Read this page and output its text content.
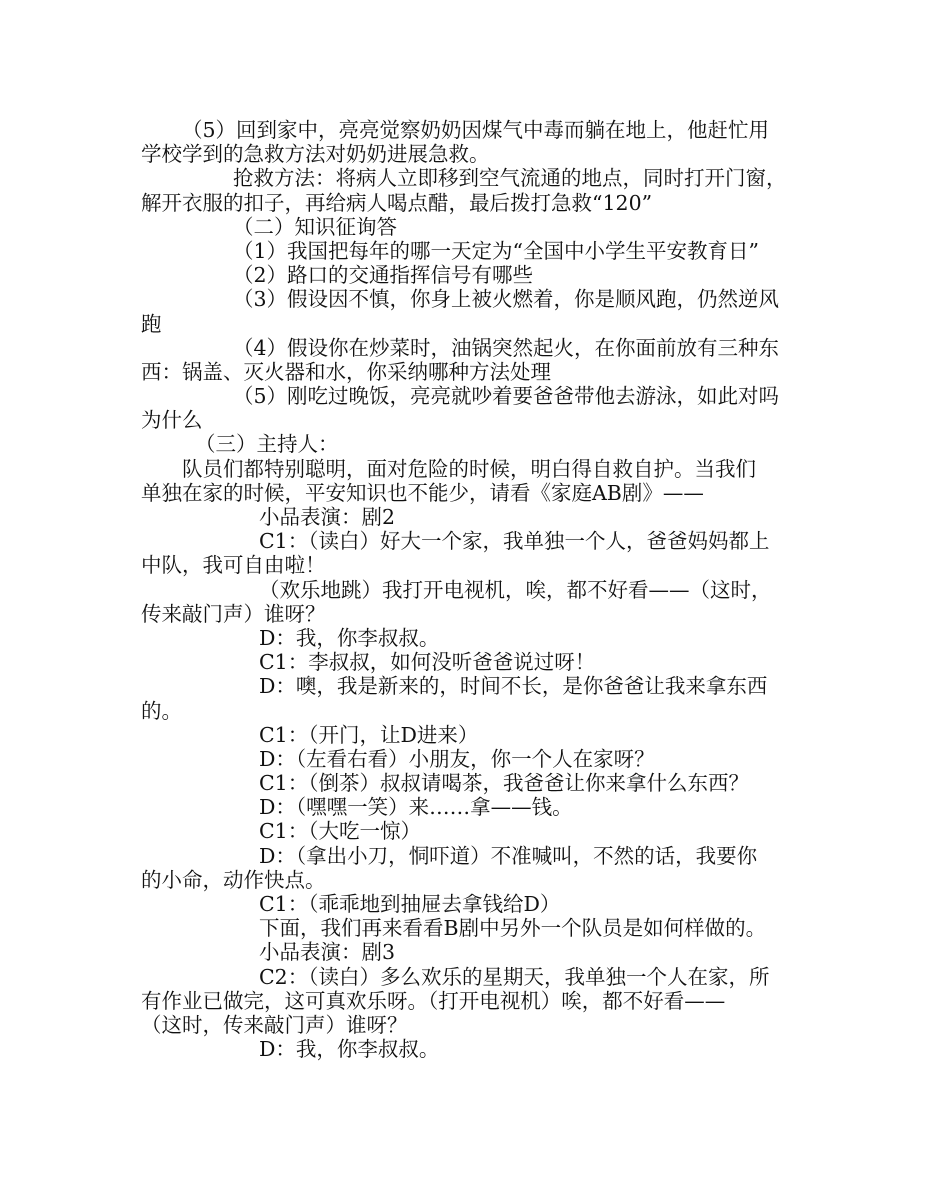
（5）回到家中，亮亮觉察奶奶因煤气中毒而躺在地上，他赶忙用
学校学到的急救方法对奶奶进展急救。
抢救方法：将病人立即移到空气流通的地点，同时打开门窗，
解开衣服的扣子，再给病人喝点醋，最后拨打急救“120”
（二）知识征询答
（1）我国把每年的哪一天定为“全国中小学生平安教育日”
（2）路口的交通指挥信号有哪些
（3）假设因不慎，你身上被火燃着，你是顺风跑，仍然逆风
跑
（4）假设你在炒菜时，油锅突然起火，在你面前放有三种东
西：锅盖、灭火器和水，你采纳哪种方法处理
（5）刚吃过晚饭，亮亮就吵着要爸爸带他去游泳，如此对吗
为什么
（三）主持人：
队员们都特别聪明，面对危险的时候，明白得自救自护。当我们
单独在家的时候，平安知识也不能少，请看《家庭AB剧》——
小品表演：剧2
C1：（读白）好大一个家，我单独一个人，爸爸妈妈都上
中队，我可自由啦！
（欢乐地跳）我打开电视机，唉，都不好看——（这时，
传来敲门声）谁呀？
D：我，你李叔叔。
C1：李叔叔，如何没听爸爸说过呀！
D：噢，我是新来的，时间不长，是你爸爸让我来拿东西
的。
C1：（开门，让D进来）
D：（左看右看）小朋友，你一个人在家呀？
C1：（倒茶）叔叔请喝茶，我爸爸让你来拿什么东西？
D：（嘿嘿一笑）来……拿——钱。
C1：（大吃一惊）
D：（拿出小刀，恫吓道）不准喊叫，不然的话，我要你
的小命，动作快点。
C1：（乖乖地到抽屉去拿钱给D）
下面，我们再来看看B剧中另外一个队员是如何样做的。
小品表演：剧3
C2：（读白）多么欢乐的星期天，我单独一个人在家，所
有作业已做完，这可真欢乐呀。（打开电视机）唉，都不好看——
（这时，传来敲门声）谁呀？
D：我，你李叔叔。
